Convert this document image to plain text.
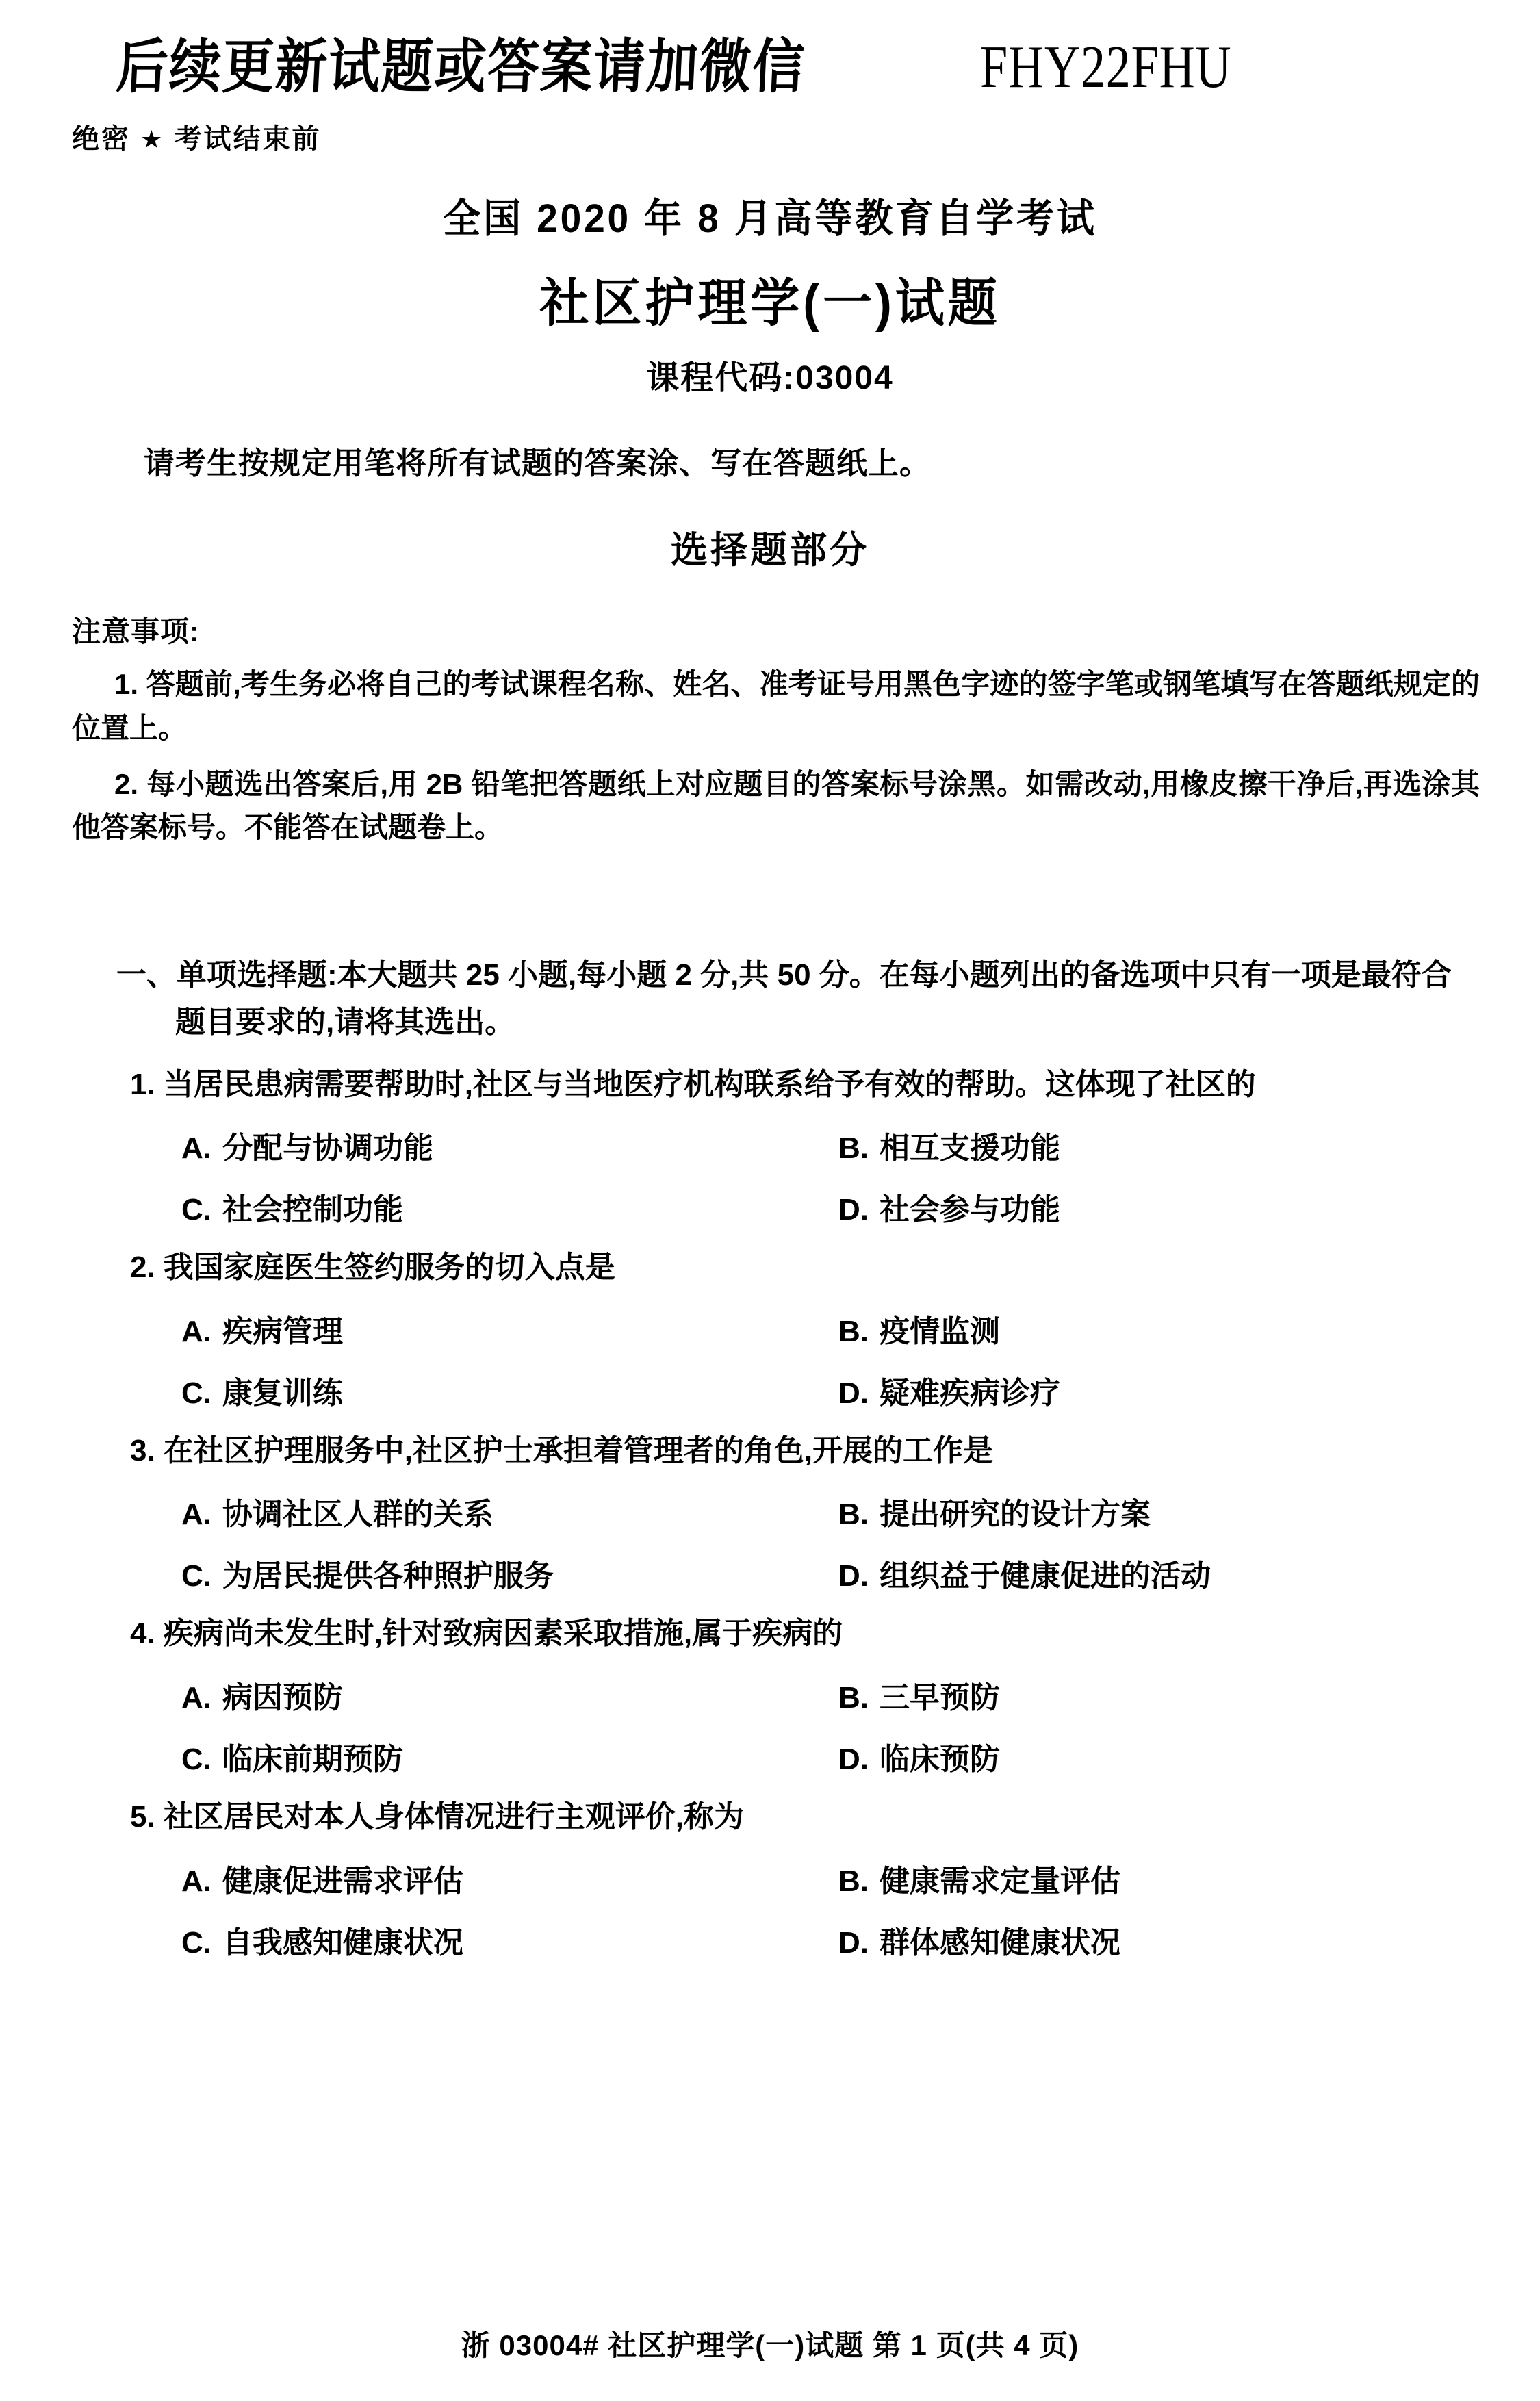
后续更新试题或答案请加微信	FHY22FHU
绝密 ★ 考试结束前
全国 2020 年 8 月高等教育自学考试
社区护理学(一)试题
课程代码:03004
请考生按规定用笔将所有试题的答案涂、写在答题纸上。
选择题部分
注意事项:
1. 答题前,考生务必将自己的考试课程名称、姓名、准考证号用黑色字迹的签字笔或钢笔填写在答题纸规定的位置上。
2. 每小题选出答案后,用 2B 铅笔把答题纸上对应题目的答案标号涂黑。如需改动,用橡皮擦干净后,再选涂其他答案标号。不能答在试题卷上。
一、单项选择题:本大题共 25 小题,每小题 2 分,共 50 分。在每小题列出的备选项中只有一项是最符合题目要求的,请将其选出。
1. 当居民患病需要帮助时,社区与当地医疗机构联系给予有效的帮助。这体现了社区的
A. 分配与协调功能	B. 相互支援功能
C. 社会控制功能	D. 社会参与功能
2. 我国家庭医生签约服务的切入点是
A. 疾病管理	B. 疫情监测
C. 康复训练	D. 疑难疾病诊疗
3. 在社区护理服务中,社区护士承担着管理者的角色,开展的工作是
A. 协调社区人群的关系	B. 提出研究的设计方案
C. 为居民提供各种照护服务	D. 组织益于健康促进的活动
4. 疾病尚未发生时,针对致病因素采取措施,属于疾病的
A. 病因预防	B. 三早预防
C. 临床前期预防	D. 临床预防
5. 社区居民对本人身体情况进行主观评价,称为
A. 健康促进需求评估	B. 健康需求定量评估
C. 自我感知健康状况	D. 群体感知健康状况
浙 03004# 社区护理学(一)试题 第 1 页(共 4 页)
